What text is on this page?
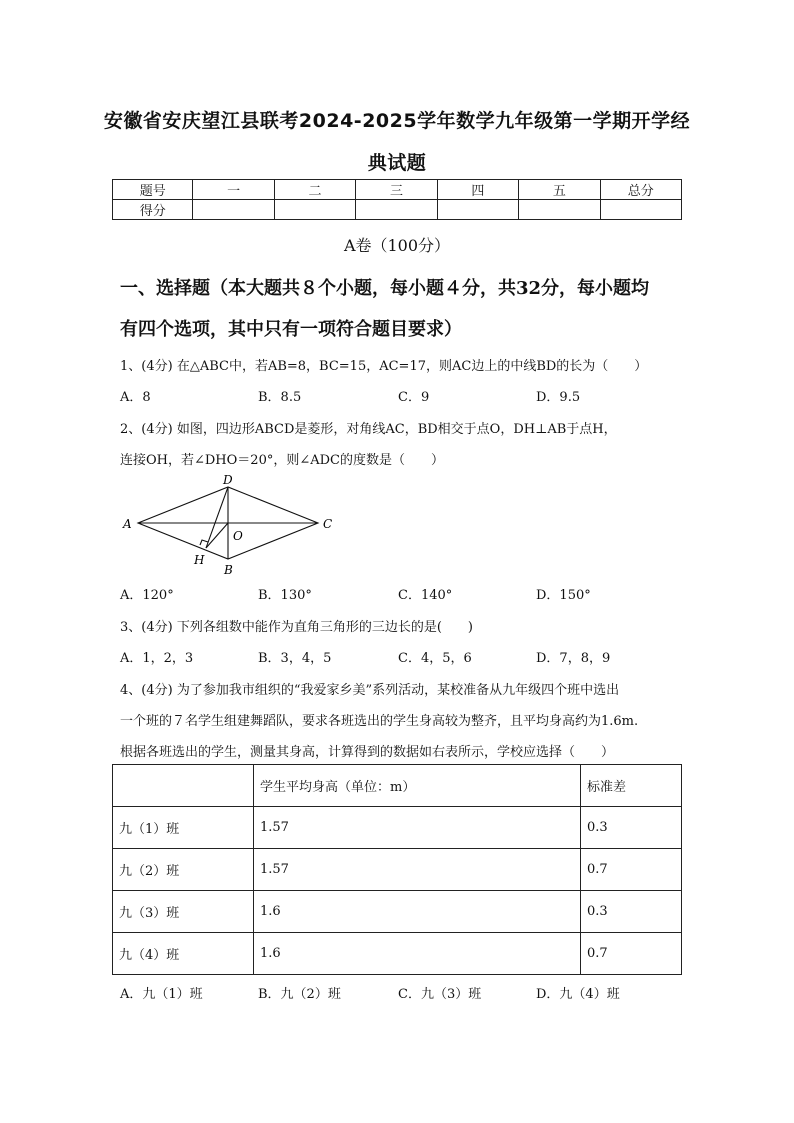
安徽省安庆望江县联考2024-2025学年数学九年级第一学期开学经
典试题
题号	一	二	三	四	五	总分
得分						
A卷（100分）
一、选择题（本大题共８个小题，每小题４分，共32分，每小题均
有四个选项，其中只有一项符合题目要求）
1、(4分) 在△ABC中，若AB=8，BC=15，AC=17，则AC边上的中线BD的长为（　　）
A．8	B．8.5	C．9	D．9.5
2、(4分) 如图，四边形ABCD是菱形，对角线AC，BD相交于点O，DH⊥AB于点H，
连接OH，若∠DHO＝20°，则∠ADC的度数是（　　）
A
D
C
O
H
B
A．120°	B．130°	C．140°	D．150°
3、(4分) 下列各组数中能作为直角三角形的三边长的是(　　)
A．1，2，3	B．3，4，5	C．4，5，6	D．7，8，9
4、(4分) 为了参加我市组织的“我爱家乡美”系列活动，某校准备从九年级四个班中选出
一个班的７名学生组建舞蹈队，要求各班选出的学生身高较为整齐，且平均身高约为1.6m.
根据各班选出的学生，测量其身高，计算得到的数据如右表所示，学校应选择（　　）
	学生平均身高（单位：m）	标准差
九（1）班	1.57	0.3
九（2）班	1.57	0.7
九（3）班	1.6	0.3
九（4）班	1.6	0.7
A．九（1）班	B．九（2）班	C．九（3）班	D．九（4）班
